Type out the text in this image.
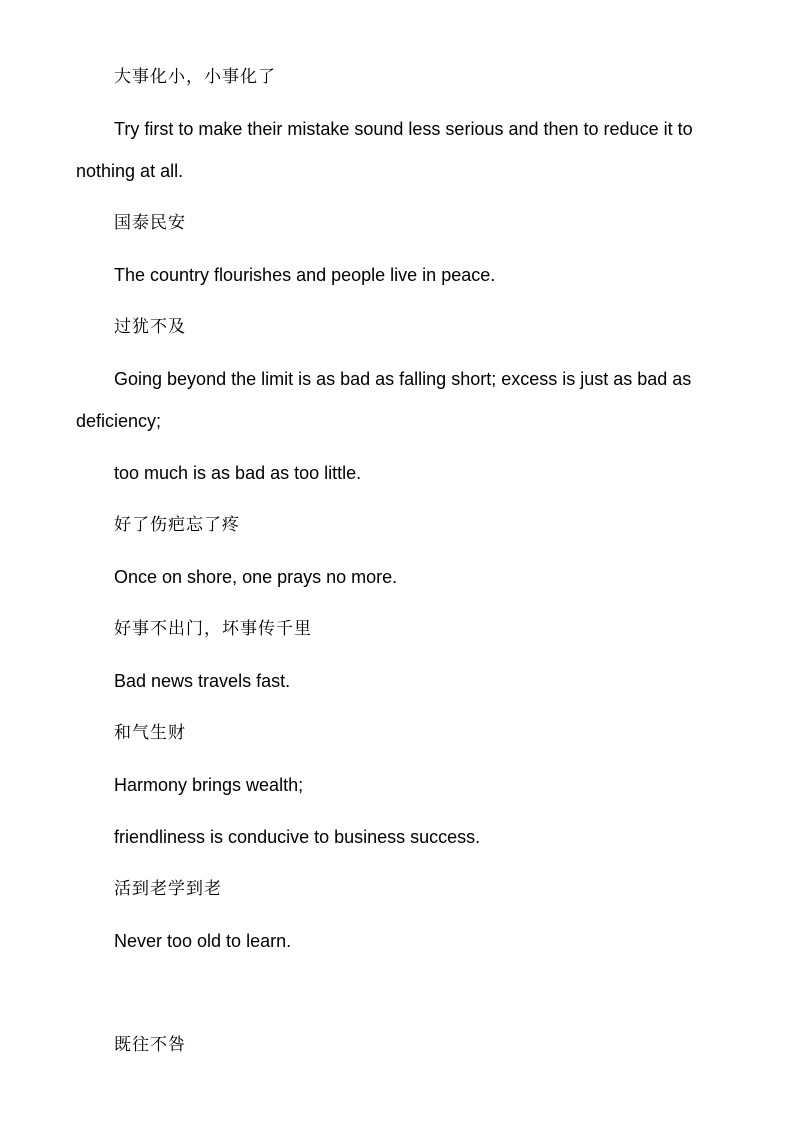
大事化小，小事化了

Try first to make their mistake sound less serious and then to reduce it to

nothing at all.

国泰民安

The country flourishes and people live in peace.

过犹不及

Going beyond the limit is as bad as falling short; excess is just as bad as

deficiency;

too much is as bad as too little.

好了伤疤忘了疼

Once on shore, one prays no more.

好事不出门，坏事传千里

Bad news travels fast.

和气生财

Harmony brings wealth;

friendliness is conducive to business success.

活到老学到老

Never too old to learn.

既往不咎
